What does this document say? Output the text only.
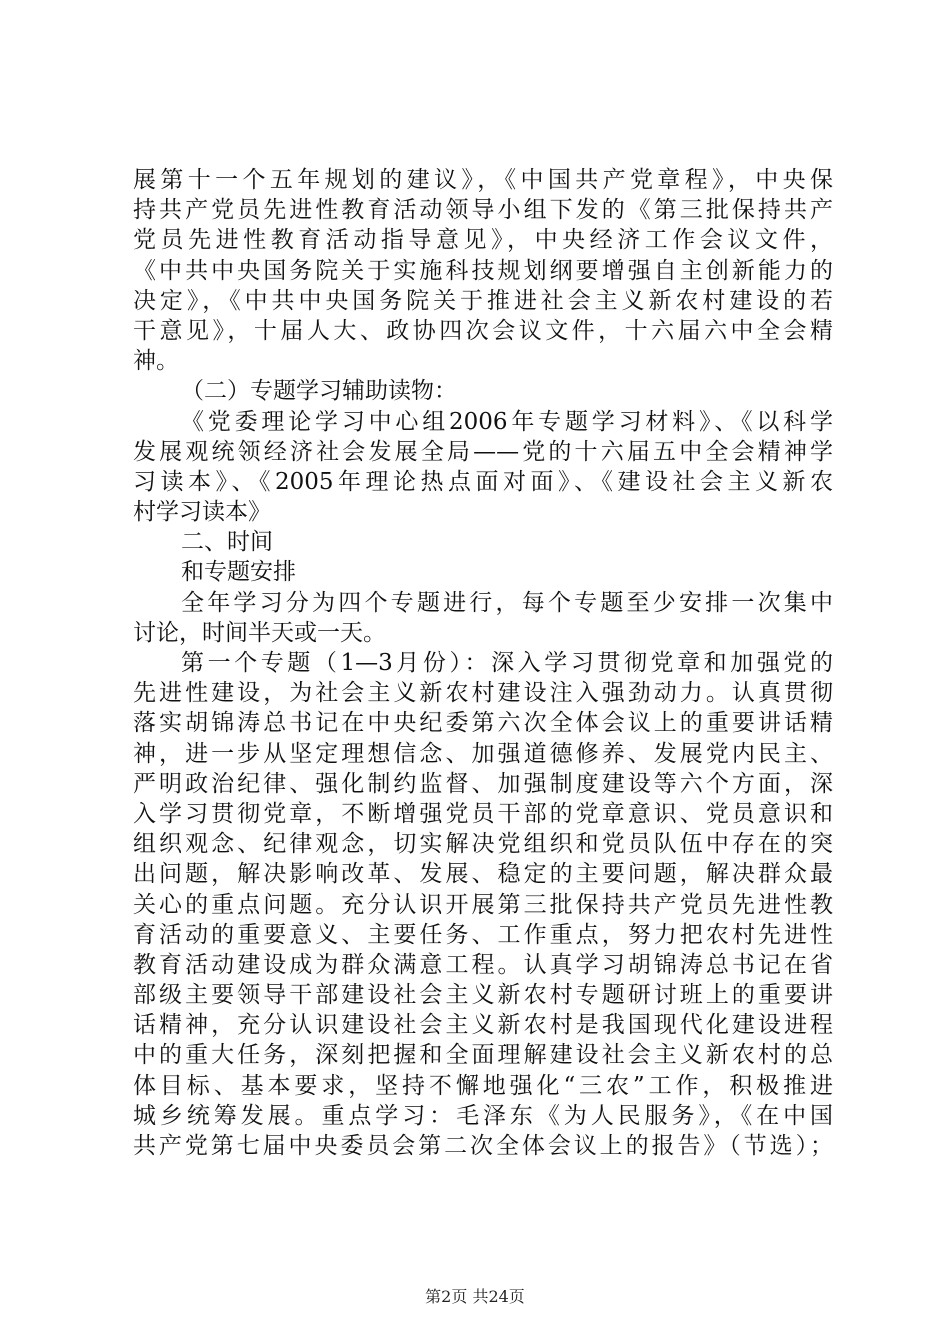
展第十一个五年规划的建议》，《中国共产党章程》，中央保
持共产党员先进性教育活动领导小组下发的《第三批保持共产
党员先进性教育活动指导意见》，中央经济工作会议文件，
《中共中央国务院关于实施科技规划纲要增强自主创新能力的
决定》，《中共中央国务院关于推进社会主义新农村建设的若
干意见》，十届人大、政协四次会议文件，十六届六中全会精
神。
（二）专题学习辅助读物：
《党委理论学习中心组2006年专题学习材料》、《以科学
发展观统领经济社会发展全局——党的十六届五中全会精神学
习读本》、《2005年理论热点面对面》、《建设社会主义新农
村学习读本》
二、时间
和专题安排
全年学习分为四个专题进行，每个专题至少安排一次集中
讨论，时间半天或一天。
第一个专题（1—3月份）：深入学习贯彻党章和加强党的
先进性建设，为社会主义新农村建设注入强劲动力。认真贯彻
落实胡锦涛总书记在中央纪委第六次全体会议上的重要讲话精
神，进一步从坚定理想信念、加强道德修养、发展党内民主、
严明政治纪律、强化制约监督、加强制度建设等六个方面，深
入学习贯彻党章，不断增强党员干部的党章意识、党员意识和
组织观念、纪律观念，切实解决党组织和党员队伍中存在的突
出问题，解决影响改革、发展、稳定的主要问题，解决群众最
关心的重点问题。充分认识开展第三批保持共产党员先进性教
育活动的重要意义、主要任务、工作重点，努力把农村先进性
教育活动建设成为群众满意工程。认真学习胡锦涛总书记在省
部级主要领导干部建设社会主义新农村专题研讨班上的重要讲
话精神，充分认识建设社会主义新农村是我国现代化建设进程
中的重大任务，深刻把握和全面理解建设社会主义新农村的总
体目标、基本要求，坚持不懈地强化“三农”工作，积极推进
城乡统筹发展。重点学习：毛泽东《为人民服务》，《在中国
共产党第七届中央委员会第二次全体会议上的报告》（节选）；
第2页 共24页
